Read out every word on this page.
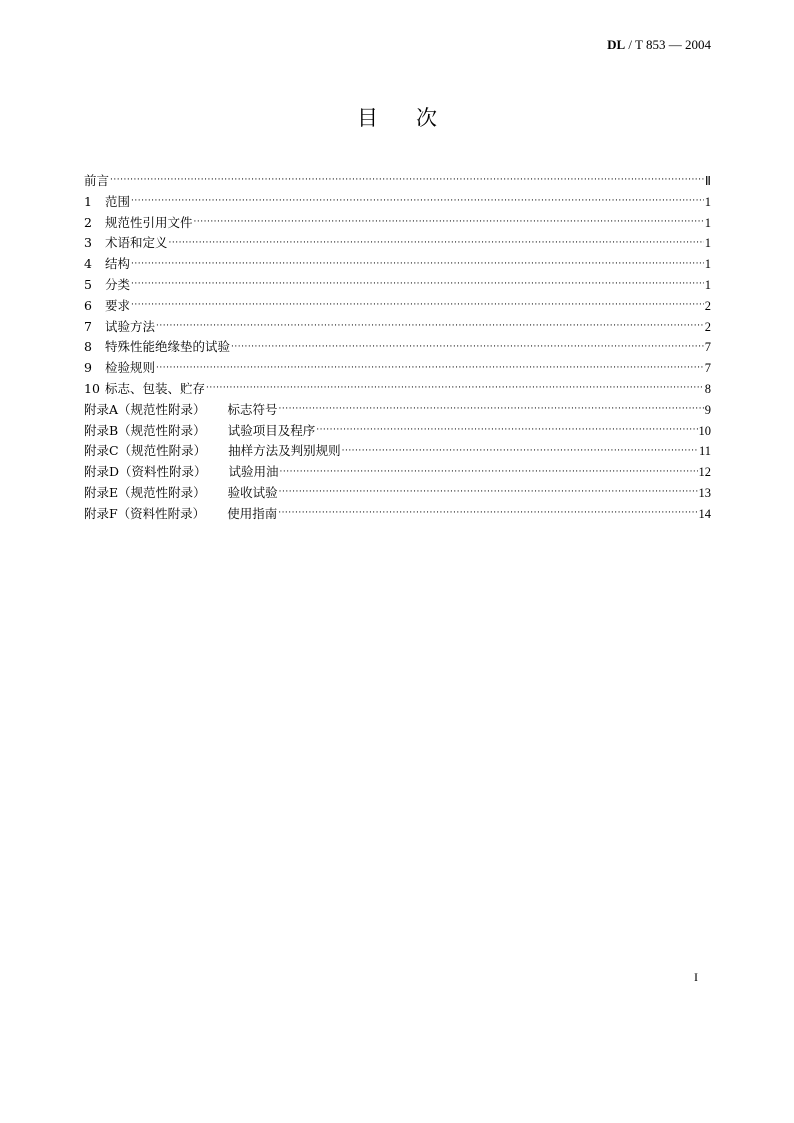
DL / T 853 — 2004
目次
前言 ·····	Ⅱ
1	范围 ·····	1
2	规范性引用文件 ·····	1
3	术语和定义 ·····	1
4	结构 ·····	1
5	分类 ·····	1
6	要求 ·····	2
7	试验方法 ·····	2
8	特殊性能绝缘垫的试验 ·····	7
9	检验规则 ·····	7
10 标志、包装、贮存 ·····	8
附录A（规范性附录） 标志符号 ·····	9
附录B（规范性附录） 试验项目及程序 ·····	10
附录C（规范性附录） 抽样方法及判别规则 ·····	11
附录D（资料性附录） 试验用油 ·····	12
附录E（规范性附录） 验收试验 ·····	13
附录F（资料性附录） 使用指南 ·····	14
I
